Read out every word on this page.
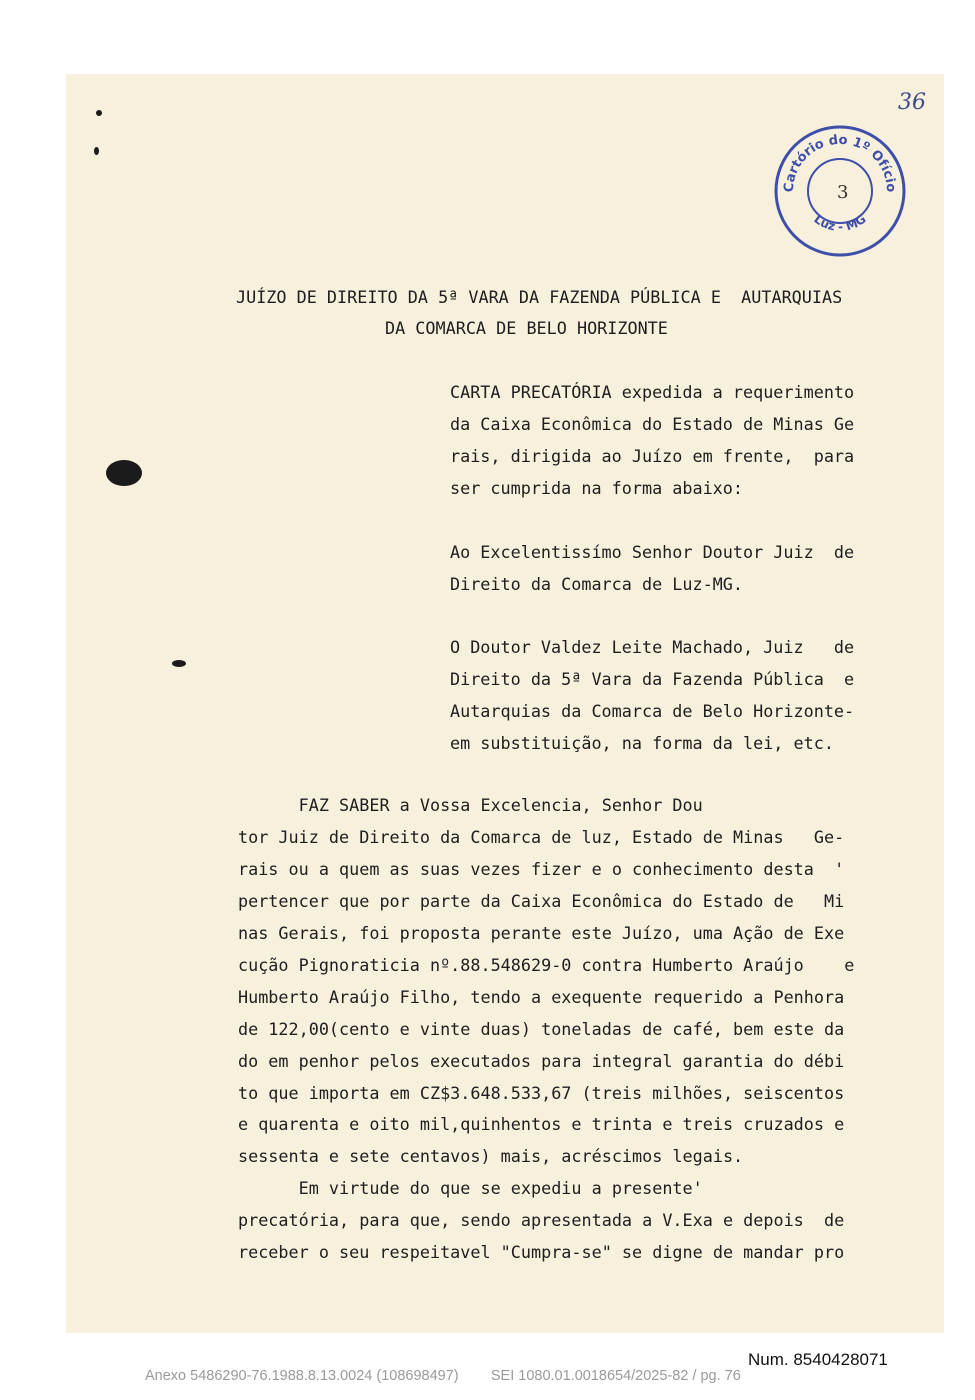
36
Cartório do 1º Ofício
Luz - MG
3

JUÍZO DE DIREITO DA 5ª VARA DA FAZENDA PÚBLICA E  AUTARQUIAS

DA COMARCA DE BELO HORIZONTE

CARTA PRECATÓRIA expedida a requerimento

da Caixa Econômica do Estado de Minas Ge

rais, dirigida ao Juízo em frente,  para

ser cumprida na forma abaixo:

Ao Excelentissímo Senhor Doutor Juiz  de

Direito da Comarca de Luz-MG.

O Doutor Valdez Leite Machado, Juiz   de

Direito da 5ª Vara da Fazenda Pública  e

Autarquias da Comarca de Belo Horizonte-

em substituição, na forma da lei, etc.

FAZ SABER a Vossa Excelencia, Senhor Dou

tor Juiz de Direito da Comarca de luz, Estado de Minas   Ge-

rais ou a quem as suas vezes fizer e o conhecimento desta  '

pertencer que por parte da Caixa Econômica do Estado de   Mi

nas Gerais, foi proposta perante este Juízo, uma Ação de Exe

cução Pignoraticia nº.88.548629-0 contra Humberto Araújo    e

Humberto Araújo Filho, tendo a exequente requerido a Penhora

de 122,00(cento e vinte duas) toneladas de café, bem este da

do em penhor pelos executados para integral garantia do débi

to que importa em CZ$3.648.533,67 (treis milhões, seiscentos

e quarenta e oito mil,quinhentos e trinta e treis cruzados e

sessenta e sete centavos) mais, acréscimos legais.

Em virtude do que se expediu a presente'

precatória, para que, sendo apresentada a V.Exa e depois  de

receber o seu respeitavel "Cumpra-se" se digne de mandar pro

Num. 8540428071
Anexo 5486290-76.1988.8.13.0024 (108698497)        SEI 1080.01.0018654/2025-82 / pg. 76
